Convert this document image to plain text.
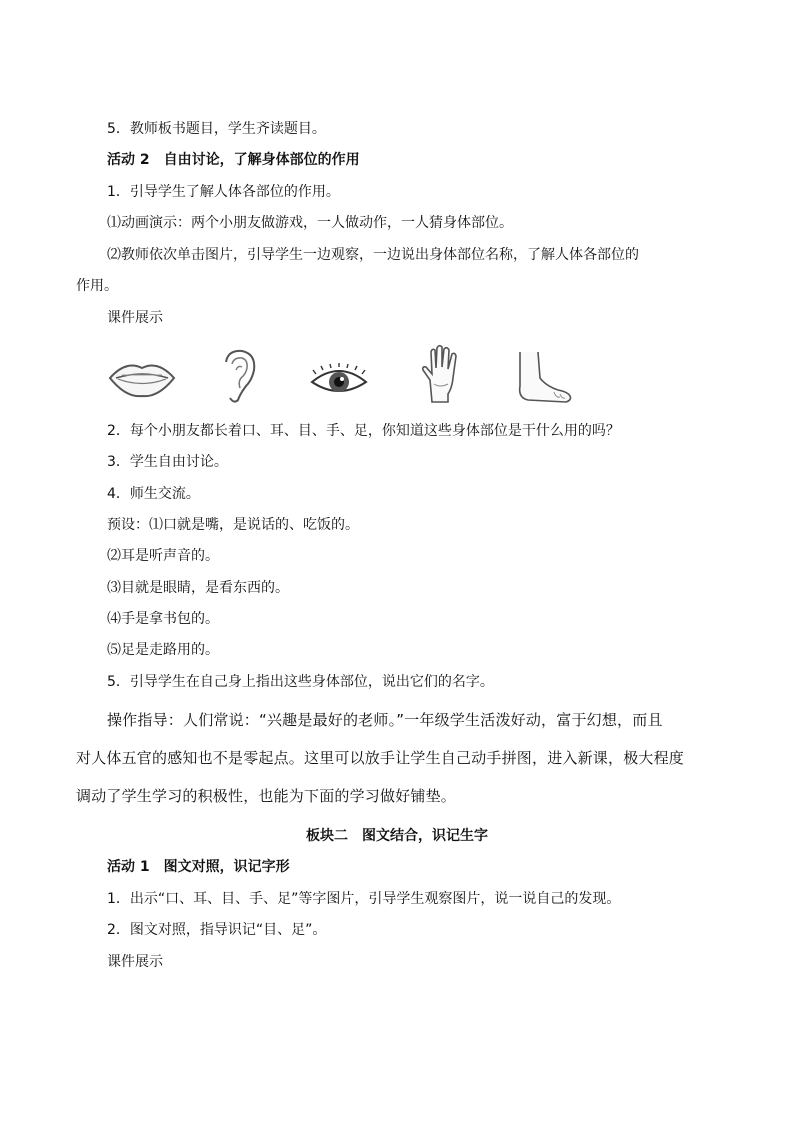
5．教师板书题目，学生齐读题目。
活动 2　自由讨论，了解身体部位的作用
1．引导学生了解人体各部位的作用。
⑴动画演示：两个小朋友做游戏，一人做动作，一人猜身体部位。
⑵教师依次单击图片，引导学生一边观察，一边说出身体部位名称，了解人体各部位的
作用。
课件展示
2．每个小朋友都长着口、耳、目、手、足，你知道这些身体部位是干什么用的吗？
3．学生自由讨论。
4．师生交流。
预设：⑴口就是嘴，是说话的、吃饭的。
⑵耳是听声音的。
⑶目就是眼睛，是看东西的。
⑷手是拿书包的。
⑸足是走路用的。
5．引导学生在自己身上指出这些身体部位，说出它们的名字。
操作指导：人们常说：“兴趣是最好的老师。”一年级学生活泼好动，富于幻想，而且
对人体五官的感知也不是零起点。这里可以放手让学生自己动手拼图，进入新课，极大程度
调动了学生学习的积极性，也能为下面的学习做好铺垫。
板块二　图文结合，识记生字
活动 1　图文对照，识记字形
1．出示“口、耳、目、手、足”等字图片，引导学生观察图片，说一说自己的发现。
2．图文对照，指导识记“目、足”。
课件展示
